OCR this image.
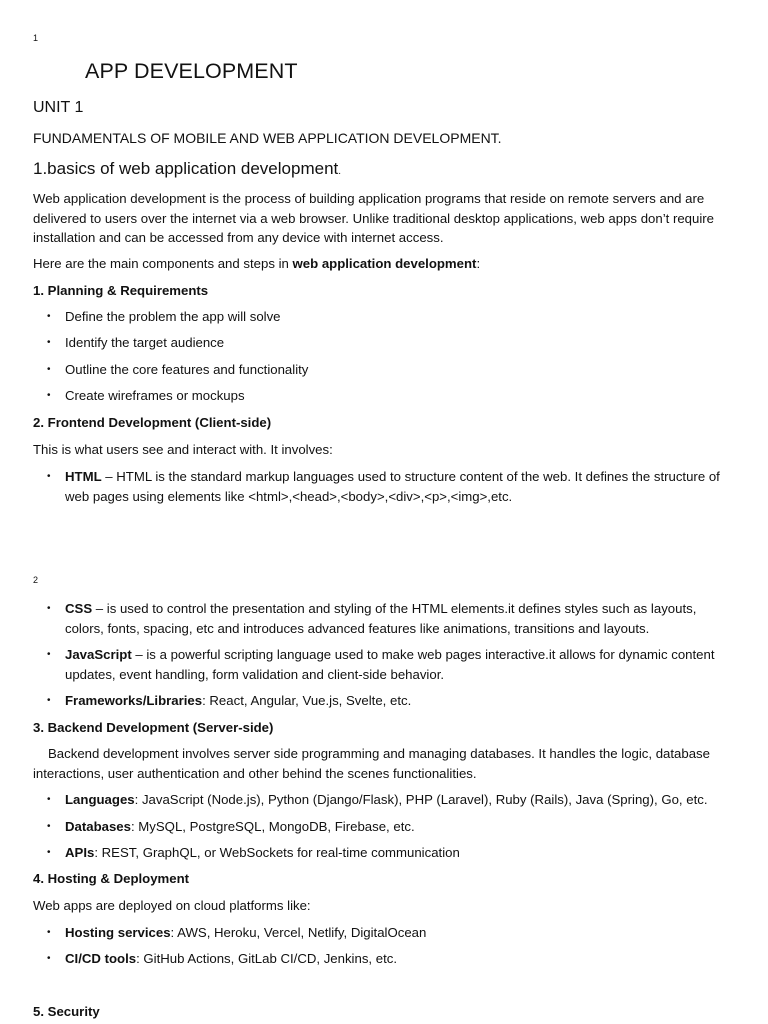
1
APP DEVELOPMENT
UNIT 1
FUNDAMENTALS OF MOBILE AND WEB APPLICATION DEVELOPMENT.
1.basics of web application development.
Web application development is the process of building application programs that reside on remote servers and are delivered to users over the internet via a web browser. Unlike traditional desktop applications, web apps don’t require installation and can be accessed from any device with internet access.
Here are the main components and steps in web application development:
1. Planning & Requirements
• Define the problem the app will solve
• Identify the target audience
• Outline the core features and functionality
• Create wireframes or mockups
2. Frontend Development (Client-side)
This is what users see and interact with. It involves:
• HTML – HTML is the standard markup languages used to structure content of the web. It defines the structure of web pages using elements like <html>,<head>,<body>,<div>,<p>,<img>,etc.
2
• CSS – is used to control the presentation and styling of the HTML elements.it defines styles such as layouts, colors, fonts, spacing, etc and introduces advanced features like animations, transitions and layouts.
• JavaScript – is a powerful scripting language used to make web pages interactive.it allows for dynamic content updates, event handling, form validation and client-side behavior.
• Frameworks/Libraries: React, Angular, Vue.js, Svelte, etc.
3. Backend Development (Server-side)
Backend development involves server side programming and managing databases. It handles the logic, database interactions, user authentication and other behind the scenes functionalities.
• Languages: JavaScript (Node.js), Python (Django/Flask), PHP (Laravel), Ruby (Rails), Java (Spring), Go, etc.
• Databases: MySQL, PostgreSQL, MongoDB, Firebase, etc.
• APIs: REST, GraphQL, or WebSockets for real-time communication
4. Hosting & Deployment
Web apps are deployed on cloud platforms like:
• Hosting services: AWS, Heroku, Vercel, Netlify, DigitalOcean
• CI/CD tools: GitHub Actions, GitLab CI/CD, Jenkins, etc.
5. Security
